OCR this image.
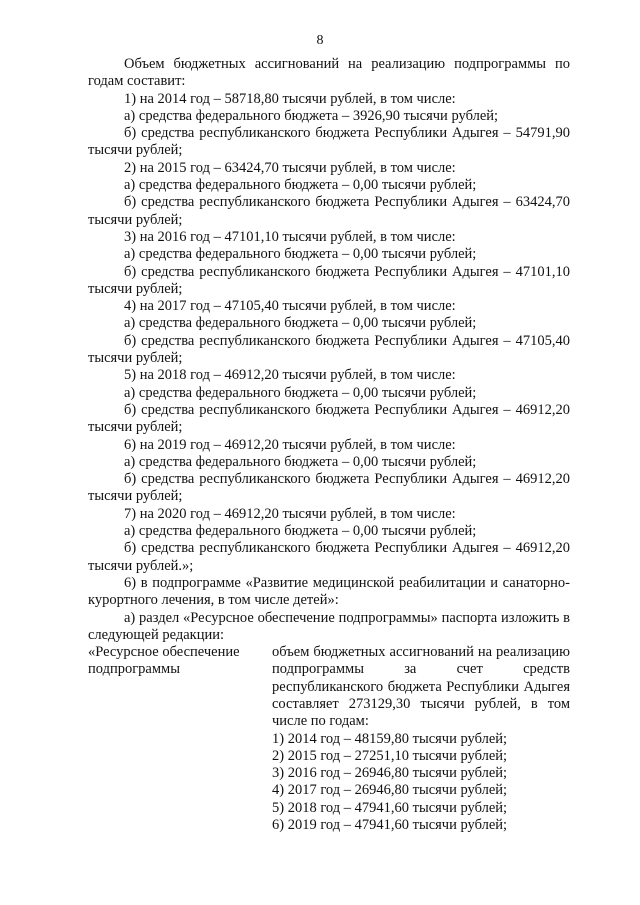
8

Объем бюджетных ассигнований на реализацию подпрограммы по годам составит:

1) на 2014 год – 58718,80 тысячи рублей, в том числе:

а) средства федерального бюджета – 3926,90 тысячи рублей;

б) средства республиканского бюджета Республики Адыгея – 54791,90 тысячи рублей;

2) на 2015 год – 63424,70 тысячи рублей, в том числе:

а) средства федерального бюджета – 0,00 тысячи рублей;

б) средства республиканского бюджета Республики Адыгея – 63424,70 тысячи рублей;

3) на 2016 год – 47101,10 тысячи рублей, в том числе:

а) средства федерального бюджета – 0,00 тысячи рублей;

б) средства республиканского бюджета Республики Адыгея – 47101,10 тысячи рублей;

4) на 2017 год – 47105,40 тысячи рублей, в том числе:

а) средства федерального бюджета – 0,00 тысячи рублей;

б) средства республиканского бюджета Республики Адыгея – 47105,40 тысячи рублей;

5) на 2018 год – 46912,20 тысячи рублей, в том числе:

а) средства федерального бюджета – 0,00 тысячи рублей;

б) средства республиканского бюджета Республики Адыгея – 46912,20 тысячи рублей;

6) на 2019 год – 46912,20 тысячи рублей, в том числе:

а) средства федерального бюджета – 0,00 тысячи рублей;

б) средства республиканского бюджета Республики Адыгея – 46912,20 тысячи рублей;

7) на 2020 год – 46912,20 тысячи рублей, в том числе:

а) средства федерального бюджета – 0,00 тысячи рублей;

б) средства республиканского бюджета Республики Адыгея – 46912,20 тысячи рублей.»;

6) в подпрограмме «Развитие медицинской реабилитации и санаторно-курортного лечения, в том числе детей»:

а) раздел «Ресурсное обеспечение подпрограммы» паспорта изложить в следующей редакции:

«Ресурсное обеспечение

подпрограммы

объем бюджетных ассигнований на реализацию подпрограммы за счет средств республиканского бюджета Республики Адыгея составляет 273129,30 тысячи рублей, в том числе по годам:

1) 2014 год – 48159,80 тысячи рублей;

2) 2015 год – 27251,10 тысячи рублей;

3) 2016 год – 26946,80 тысячи рублей;

4) 2017 год – 26946,80 тысячи рублей;

5) 2018 год – 47941,60 тысячи рублей;

6) 2019 год – 47941,60 тысячи рублей;
